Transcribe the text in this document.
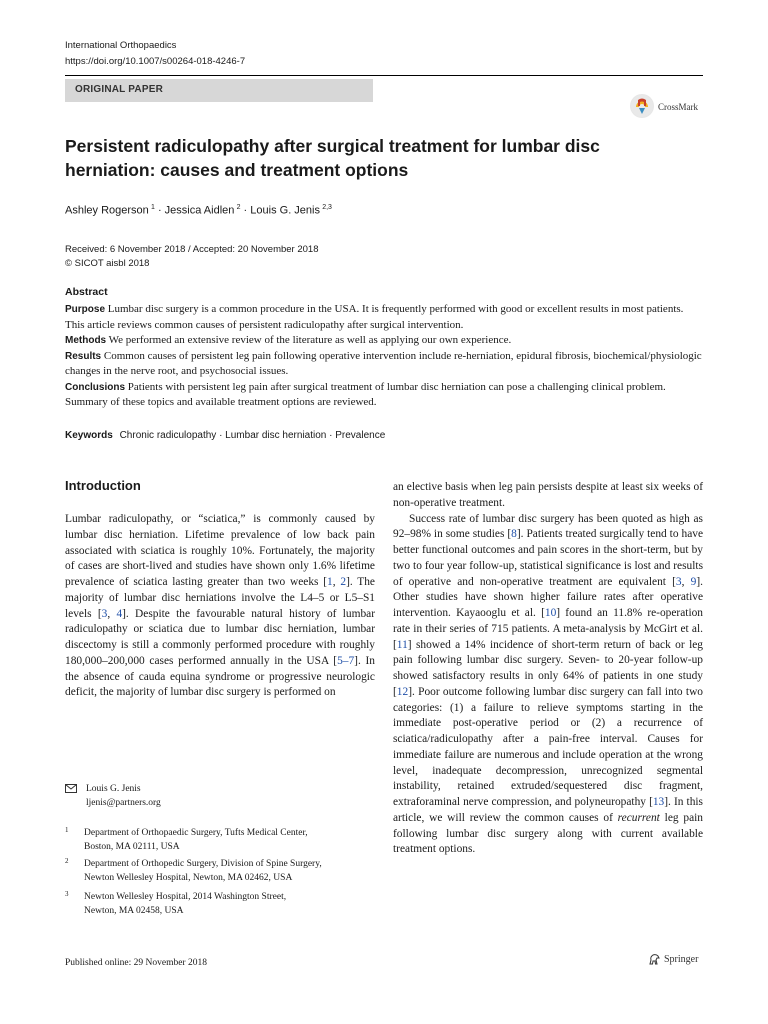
International Orthopaedics
https://doi.org/10.1007/s00264-018-4246-7
ORIGINAL PAPER
CrossMark
Persistent radiculopathy after surgical treatment for lumbar disc herniation: causes and treatment options
Ashley Rogerson  $^1$ · Jessica Aidlen  $^2$ · Louis G. Jenis  $^{2,3}$
Received: 6 November 2018 / Accepted: 20 November 2018
© SICOT aisbl 2018
Abstract

Purpose Lumbar disc surgery is a common procedure in the USA. It is frequently performed with good or excellent results in most patients. This article reviews common causes of persistent radiculopathy after surgical intervention.

Methods We performed an extensive review of the literature as well as applying our own experience.

Results Common causes of persistent leg pain following operative intervention include re-herniation, epidural fibrosis, biochemical/physiologic changes in the nerve root, and psychosocial issues.

Conclusions Patients with persistent leg pain after surgical treatment of lumbar disc herniation can pose a challenging clinical problem. Summary of these topics and available treatment options are reviewed.

Keywords Chronic radiculopathy · Lumbar disc herniation · Prevalence
Introduction

Lumbar radiculopathy, or “sciatica,” is commonly caused by lumbar disc herniation. Lifetime prevalence of low back pain associated with sciatica is roughly 10%. Fortunately, the majority of cases are short-lived and studies have shown only 1.6% lifetime prevalence of sciatica lasting greater than two weeks [1, 2]. The majority of lumbar disc herniations involve the L4–5 or L5–S1 levels [3, 4]. Despite the favourable natural history of lumbar radiculopathy or sciatica due to lumbar disc herniation, lumbar discectomy is still a commonly performed procedure with roughly 180,000–200,000 cases performed annually in the USA [5–7]. In the absence of cauda equina syndrome or progressive neurologic deficit, the majority of lumbar disc surgery is performed on

an elective basis when leg pain persists despite at least six weeks of non-operative treatment.

Success rate of lumbar disc surgery has been quoted as high as 92–98% in some studies [8]. Patients treated surgically tend to have better functional outcomes and pain scores in the short-term, but by two to four year follow-up, statistical significance is lost and results of operative and non-operative treatment are equivalent [3, 9]. Other studies have shown higher failure rates after operative intervention. Kayaooglu et al. [10] found an 11.8% re-operation rate in their series of 715 patients. A meta-analysis by McGirt et al. [11] showed a 14% incidence of short-term return of back or leg pain following lumbar disc surgery. Seven- to 20-year follow-up showed satisfactory results in only 64% of patients in one study [12]. Poor outcome following lumbar disc surgery can fall into two categories: (1) a failure to relieve symptoms starting in the immediate post-operative period or (2) a recurrence of sciatica/radiculopathy after a pain-free interval. Causes for immediate failure are numerous and include operation at the wrong level, inadequate decompression, unrecognized segmental instability, retained extruded/sequestered disc fragment, extraforaminal nerve compression, and polyneuropathy [13]. In this article, we will review the common causes of recurrent leg pain following lumbar disc surgery along with current available treatment options.

Louis G. Jenis
ljenis@partners.org
1 Department of Orthopaedic Surgery, Tufts Medical Center,
Boston, MA 02111, USA
2 Department of Orthopedic Surgery, Division of Spine Surgery,
Newton Wellesley Hospital, Newton, MA 02462, USA
3 Newton Wellesley Hospital, 2014 Washington Street,
Newton, MA 02458, USA
Published online: 29 November 2018	Springer
